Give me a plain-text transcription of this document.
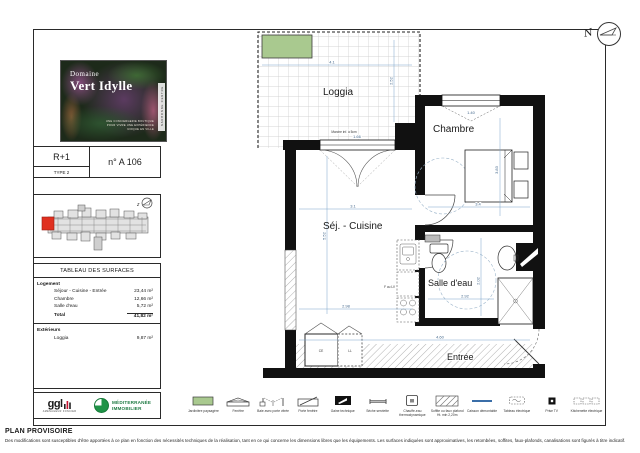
Domaine
Vert Idylle
UNE CONCIERGERIE BOUTIQUE
POUR VIVRE UNE EXPÉRIENCE
UNIQUE EN VILLE
NARBONNE CENTRE
R+1
TYPE 2
n° A 106
z
TABLEAU DES SURFACES
Logement
Séjour - Cuisine - Entrée	23,44 m²
Chambre	12,66 m²
Salle d'eau	5,72 m²
Total	41,82 m²
Extérieurs
Loggia	9,87 m²
ggl
AMÉNAGEUR FONCIER
MÉDITERRANÉE
IMMOBILIER
CE	LL
F ou LV
4.1
2.52
1.66
1.40
3.83
3.4
3.1
5.52
2.98
2.92
2.02
4.60
Loggia
Chambre
Séj. - Cuisine
Salle d'eau
Entrée
Marche inf. à 5cm
N
Jardinière paysagère	Fenêtre	Baie avec porte vitrée	Porte fenêtre	Gaine technique	Sèche serviette	Chauffe-eau thermodynamique
Soffite ou faux plafond Ht. min 2,20m
Caisson démontable Tableau électrique	Prise TV	Kitchenette électrique
PLAN PROVISOIRE
Des modifications sont susceptibles d'être apportées à ce plan en fonction des nécessités techniques de la réalisation, tant en ce qui concerne les dimensions libres que les équipements. Les surfaces indiquées sont approximatives, les retombées, soffites, faux-plafonds, canalisations sont figurés à titre indicatif.
